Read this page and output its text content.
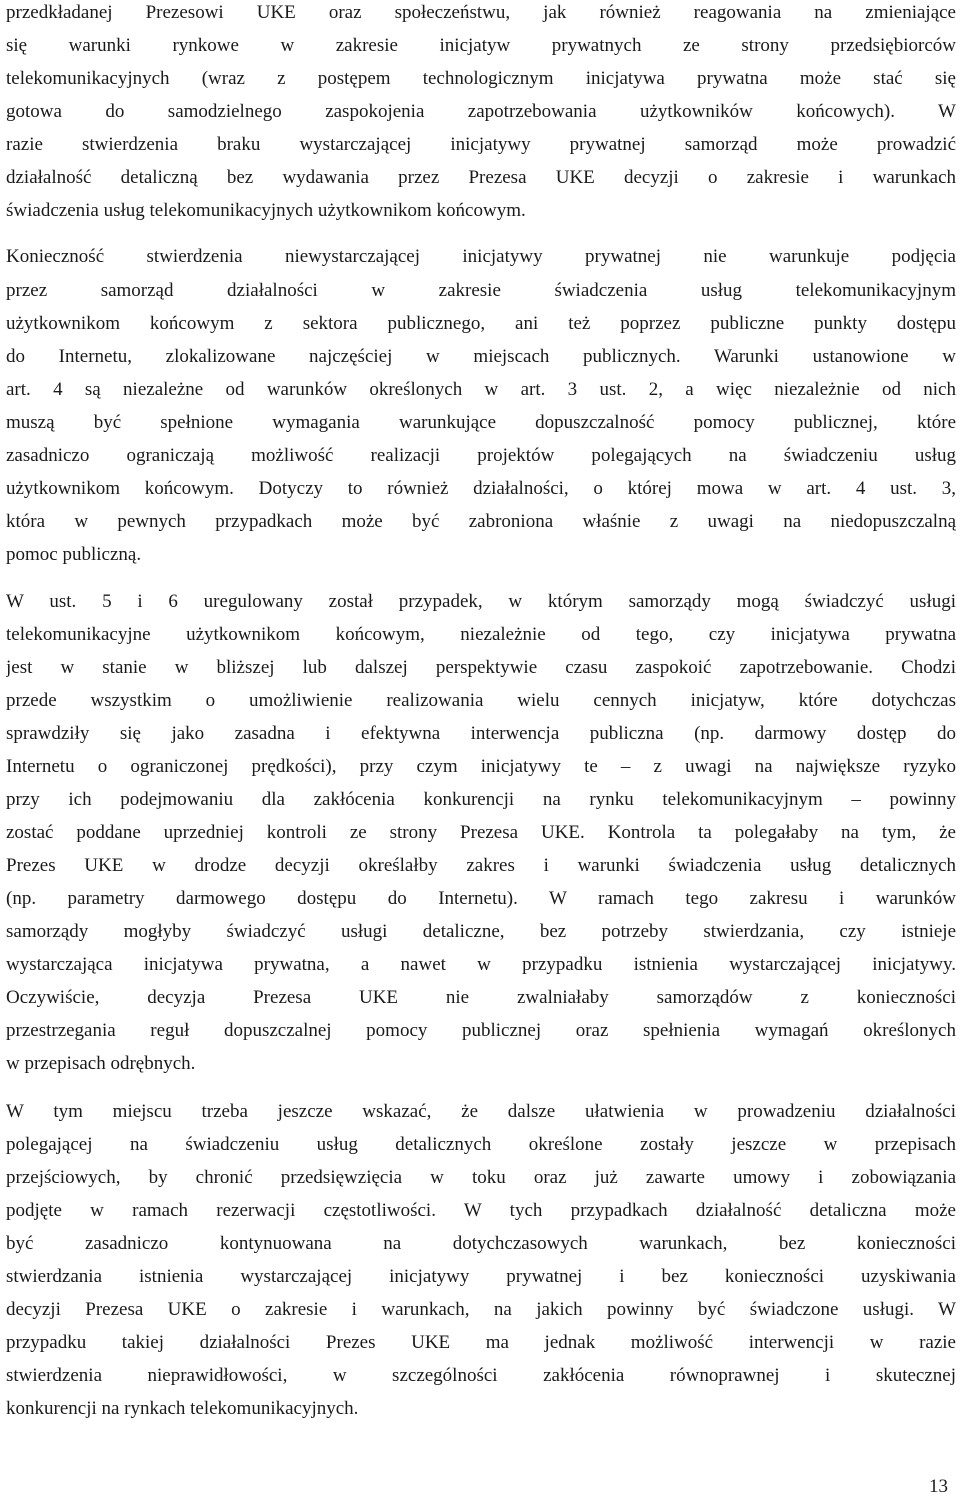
przedkładanej Prezesowi UKE oraz społeczeństwu, jak również reagowania na zmieniające
się warunki rynkowe w zakresie inicjatyw prywatnych ze strony przedsiębiorców
telekomunikacyjnych (wraz z postępem technologicznym inicjatywa prywatna może stać się
gotowa do samodzielnego zaspokojenia zapotrzebowania użytkowników końcowych). W
razie stwierdzenia braku wystarczającej inicjatywy prywatnej samorząd może prowadzić
działalność detaliczną bez wydawania przez Prezesa UKE decyzji o zakresie i warunkach
świadczenia usług telekomunikacyjnych użytkownikom końcowym.
Konieczność stwierdzenia niewystarczającej inicjatywy prywatnej nie warunkuje podjęcia
przez samorząd działalności w zakresie świadczenia usług telekomunikacyjnym
użytkownikom końcowym z sektora publicznego, ani też poprzez publiczne punkty dostępu
do Internetu, zlokalizowane najczęściej w miejscach publicznych. Warunki ustanowione w
art. 4 są niezależne od warunków określonych w art. 3 ust. 2, a więc niezależnie od nich
muszą być spełnione wymagania warunkujące dopuszczalność pomocy publicznej, które
zasadniczo ograniczają możliwość realizacji projektów polegających na świadczeniu usług
użytkownikom końcowym. Dotyczy to również działalności, o której mowa w art. 4 ust. 3,
która w pewnych przypadkach może być zabroniona właśnie z uwagi na niedopuszczalną
pomoc publiczną.
W ust. 5 i 6 uregulowany został przypadek, w którym samorządy mogą świadczyć usługi
telekomunikacyjne użytkownikom końcowym, niezależnie od tego, czy inicjatywa prywatna
jest w stanie w bliższej lub dalszej perspektywie czasu zaspokoić zapotrzebowanie. Chodzi
przede wszystkim o umożliwienie realizowania wielu cennych inicjatyw, które dotychczas
sprawdziły się jako zasadna i efektywna interwencja publiczna (np. darmowy dostęp do
Internetu o ograniczonej prędkości), przy czym inicjatywy te – z uwagi na największe ryzyko
przy ich podejmowaniu dla zakłócenia konkurencji na rynku telekomunikacyjnym – powinny
zostać poddane uprzedniej kontroli ze strony Prezesa UKE. Kontrola ta polegałaby na tym, że
Prezes UKE w drodze decyzji określałby zakres i warunki świadczenia usług detalicznych
(np. parametry darmowego dostępu do Internetu). W ramach tego zakresu i warunków
samorządy mogłyby świadczyć usługi detaliczne, bez potrzeby stwierdzania, czy istnieje
wystarczająca inicjatywa prywatna, a nawet w przypadku istnienia wystarczającej inicjatywy.
Oczywiście, decyzja Prezesa UKE nie zwalniałaby samorządów z konieczności
przestrzegania reguł dopuszczalnej pomocy publicznej oraz spełnienia wymagań określonych
w przepisach odrębnych.
W tym miejscu trzeba jeszcze wskazać, że dalsze ułatwienia w prowadzeniu działalności
polegającej na świadczeniu usług detalicznych określone zostały jeszcze w przepisach
przejściowych, by chronić przedsięwzięcia w toku oraz już zawarte umowy i zobowiązania
podjęte w ramach rezerwacji częstotliwości. W tych przypadkach działalność detaliczna może
być zasadniczo kontynuowana na dotychczasowych warunkach, bez konieczności
stwierdzania istnienia wystarczającej inicjatywy prywatnej i bez konieczności uzyskiwania
decyzji Prezesa UKE o zakresie i warunkach, na jakich powinny być świadczone usługi. W
przypadku takiej działalności Prezes UKE ma jednak możliwość interwencji w razie
stwierdzenia nieprawidłowości, w szczególności zakłócenia równoprawnej i skutecznej
konkurencji na rynkach telekomunikacyjnych.
13
